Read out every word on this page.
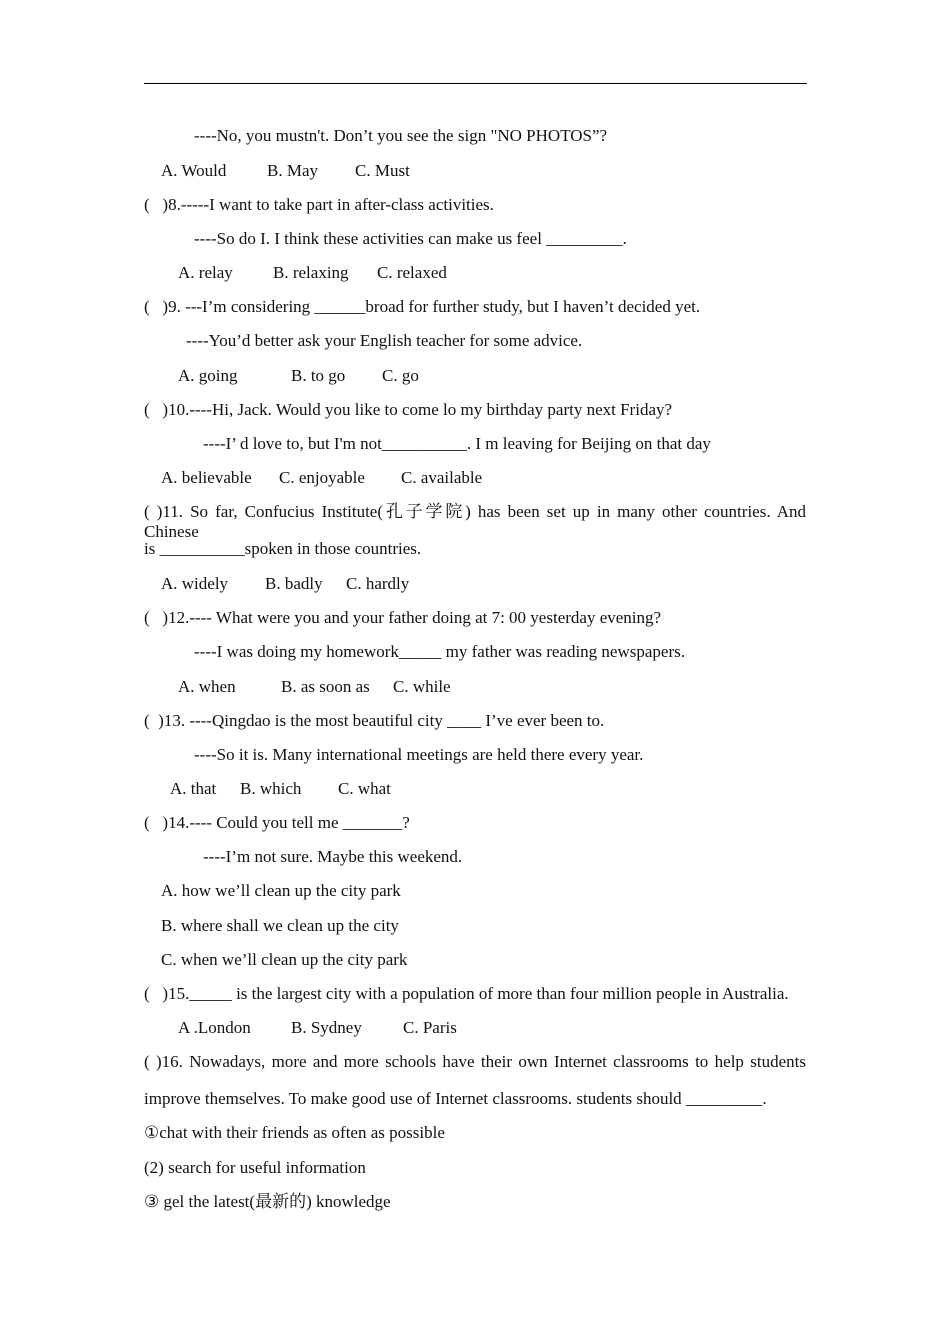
----No, you mustn't. Don’t you see the sign "NO PHOTOS”?
A. Would B. May C. Must
(   )8.-----I want to take part in after-class activities.
----So do I. I think these activities can make us feel _________.
A. relay B. relaxing C. relaxed
(   )9. ---I’m considering ______broad for further study, but I haven’t decided yet.
----You’d better ask your English teacher for some advice.
A. going	B. to go C. go
(   )10.----Hi, Jack. Would you like to come lo my birthday party next Friday?
----I’ d love to, but I'm not__________. I m leaving for Beijing on that day
A. believable C. enjoyable C. available
( )11. So far, Confucius Institute(孔子学院) has been set up in many other countries. And Chinese
is __________spoken in those countries.
A. widely B. badly C. hardly
(   )12.---- What were you and your father doing at 7: 00 yesterday evening?
----I was doing my homework_____ my father was reading newspapers.
A. when	B. as soon as C. while
(  )13. ----Qingdao is the most beautiful city ____ I’ve ever been to.
----So it is. Many international meetings are held there every year.
A. that B. which C. what
(   )14.---- Could you tell me _______?
----I’m not sure. Maybe this weekend.
A. how we’ll clean up the city park
B. where shall we clean up the city
C. when we’ll clean up the city park
(   )15._____ is the largest city with a population of more than four million people in Australia.
A .London B. Sydney C. Paris
( )16. Nowadays, more and more schools have their own Internet classrooms to help students
improve themselves. To make good use of Internet classrooms. students should _________.
①chat with their friends as often as possible
(2) search for useful information
③ gel the latest(最新的) knowledge
